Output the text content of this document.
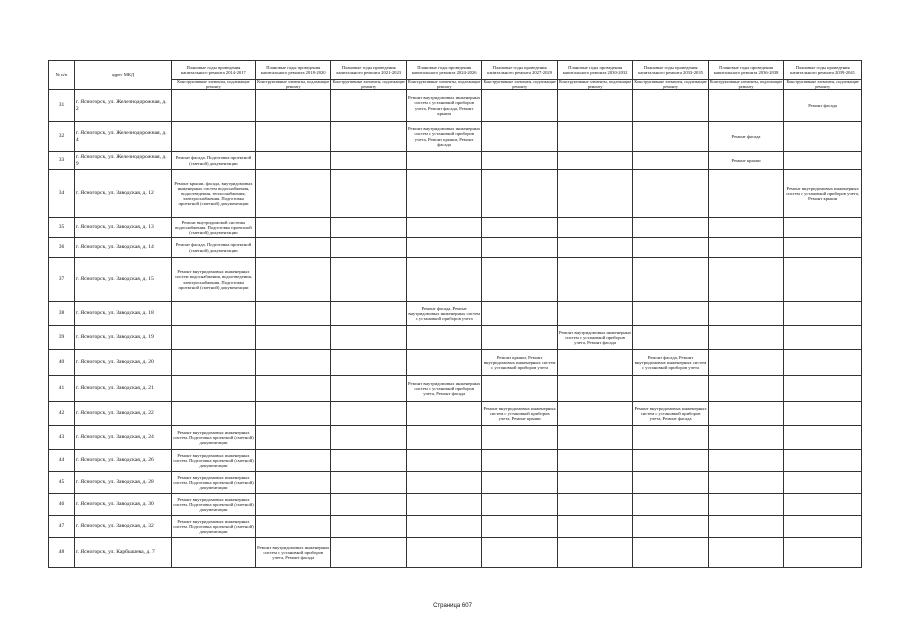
№ п/п	адрес МКД	Плановые годы проведения капитального ремонта 2014-2017	Плановые годы проведения капитального ремонта 2018-2020	Плановые годы проведения капитального ремонта 2021-2023	Плановые годы проведения капитального ремонта 2024-2026	Плановые годы проведения капитального ремонта 2027-2029	Плановые годы проведения капитального ремонта 2030-2032	Плановые годы проведения капитального ремонта 2033-2035	Плановые годы проведения капитального ремонта 2036-2038	Плановые годы проведения капитального ремонта 2039-2041
		Конструктивные элементы, подлежащие ремонту	Конструктивные элементы, подлежащие ремонту	Конструктивные элементы, подлежащие ремонту	Конструктивные элементы, подлежащие ремонту	Конструктивные элементы, подлежащие ремонту	Конструктивные элементы, подлежащие ремонту	Конструктивные элементы, подлежащие ремонту	Конструктивные элементы, подлежащие ремонту	Конструктивные элементы, подлежащие ремонту
31	г. Ясногорск, ул. Железнодорожная, д. 2				Ремонт внутридомовых инженерных систем с установкой приборов учета, Ремонт фасада, Ремонт крыши					Ремонт фасада
32	г. Ясногорск, ул. Железнодорожная, д. 4				Ремонт внутридомовых инженерных систем с установкой приборов учета, Ремонт крыши, Ремонт фасада				Ремонт фасада	
33	г. Ясногорск, ул. Железнодорожная, д. 9	Ремонт фасада. Подготовка проектной (сметной) документации							Ремонт крыши	
34	г. Ясногорск, ул. Заводская, д. 12	Ремонт крыши, фасада, внутридомовых инженерных систем водоснабжения, водоотведения, теплоснабжения, электроснабжения. Подготовка проектной (сметной) документации								Ремонт внутридомовых инженерных систем с установкой приборов учета, Ремонт крыши
35	г. Ясногорск, ул. Заводская, д. 13	Ремонт внутридомовой системы водоснабжения. Подготовка проектной (сметной) документации								
36	г. Ясногорск, ул. Заводская, д. 14	Ремонт фасада. Подготовка проектной (сметной) документации								
37	г. Ясногорск, ул. Заводская, д. 15	Ремонт внутридомовых инженерных систем водоснабжения, водоотведения, электроснабжения. Подготовка проектной (сметной) документации								
38	г. Ясногорск, ул. Заводская, д. 18				Ремонт фасада, Ремонт внутридомовых инженерных систем с установкой приборов учета					
39	г. Ясногорск, ул. Заводская, д. 19						Ремонт внутридомовых инженерных систем с установкой приборов учета, Ремонт фасада			
40	г. Ясногорск, ул. Заводская, д. 20					Ремонт крыши, Ремонт внутридомовых инженерных систем с установкой приборов учета		Ремонт фасада, Ремонт внутридомовых инженерных систем с установкой приборов учета		
41	г. Ясногорск, ул. Заводская, д. 21				Ремонт внутридомовых инженерных систем с установкой приборов учета, Ремонт фасада					
42	г. Ясногорск, ул. Заводская, д. 22					Ремонт внутридомовых инженерных систем с установкой приборов учета, Ремонт крыши		Ремонт внутридомовых инженерных систем с установкой приборов учета, Ремонт фасада		
43	г. Ясногорск, ул. Заводская, д. 24	Ремонт внутридомовых инженерных систем. Подготовка проектной (сметной) документации								
44	г. Ясногорск, ул. Заводская, д. 26	Ремонт внутридомовых инженерных систем. Подготовка проектной (сметной) документации								
45	г. Ясногорск, ул. Заводская, д. 28	Ремонт внутридомовых инженерных систем. Подготовка проектной (сметной) документации								
46	г. Ясногорск, ул. Заводская, д. 30	Ремонт внутридомовых инженерных систем. Подготовка проектной (сметной) документации								
47	г. Ясногорск, ул. Заводская, д. 32	Ремонт внутридомовых инженерных систем. Подготовка проектной (сметной) документации								
48	г. Ясногорск, ул. Карбышева, д. 7		Ремонт внутридомовых инженерных систем с установкой приборов учета, Ремонт фасада							
Страница 607
